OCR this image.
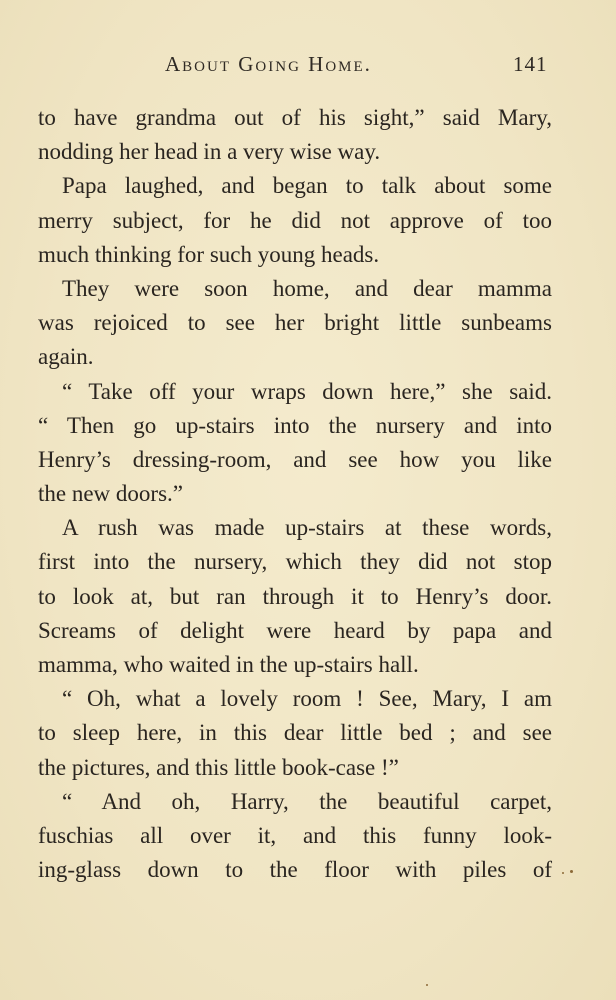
About Going Home.	141
to have grandma out of his sight,” said Mary,
nodding her head in a very wise way.
Papa laughed, and began to talk about some
merry subject, for he did not approve of too
much thinking for such young heads.
They were soon home, and dear mamma
was rejoiced to see her bright little sunbeams
again.
“ Take off your wraps down here,” she said.
“ Then go up-stairs into the nursery and into
Henry’s dressing-room, and see how you like
the new doors.”
A rush was made up-stairs at these words,
first into the nursery, which they did not stop
to look at, but ran through it to Henry’s door.
Screams of delight were heard by papa and
mamma, who waited in the up-stairs hall.
“ Oh, what a lovely room ! See, Mary, I am
to sleep here, in this dear little bed ; and see
the pictures, and this little book-case !”
“ And oh, Harry, the beautiful carpet,
fuschias all over it, and this funny look-
ing-glass down to the floor with piles of
